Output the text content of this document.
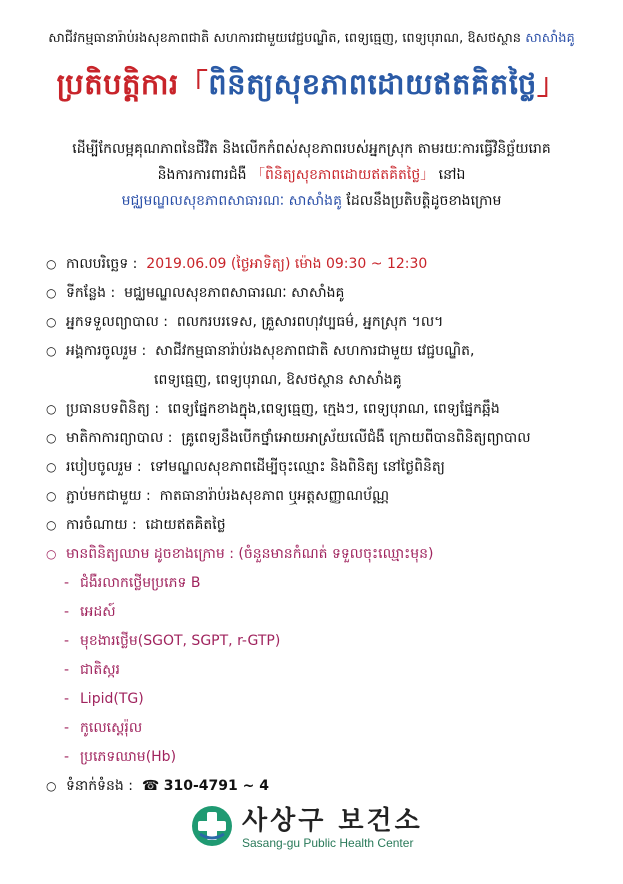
សាជីវកម្មធានារ៉ាប់រងសុខភាពជាតិ សហការជាមួយវេជ្ជបណ្ឌិត, ពេទ្យធ្មេញ, ពេទ្យបុរាណ, ឱសថស្ថាន សាសាំងគូ
ប្រតិបត្តិការ「ពិនិត្យសុខភាពដោយឥតគិតថ្លៃ」
ដើម្បីកែលម្អគុណភាពនៃជីវិត និងលើកកំពស់សុខភាពរបស់អ្នកស្រុក តាមរយៈការធ្វើវិនិច្ឆ័យរោគ
និងការការពារជំងឺ 「ពិនិត្យសុខភាពដោយឥតគិតថ្លៃ」 នៅឯ
មជ្ឈមណ្ឌលសុខភាពសាធារណៈ សាសាំងគូ ដែលនឹងប្រតិបត្តិដូចខាងក្រោម
○ កាលបរិច្ឆេទ : 2019.06.09 (ថ្ងៃអាទិត្យ) ម៉ោង 09:30 ~ 12:30
○ ទីកន្លែង : មជ្ឈមណ្ឌលសុខភាពសាធារណៈ សាសាំងគូ
○ អ្នកទទួលព្យាបាល : ពលករបរទេស, គ្រួសារពហុវប្បធម៌, អ្នកស្រុក ។ល។
○ អង្គការចូលរួម : សាជីវកម្មធានារ៉ាប់រងសុខភាពជាតិ សហការជាមួយ វេជ្ជបណ្ឌិត,
ពេទ្យធ្មេញ, ពេទ្យបុរាណ, ឱសថស្ថាន សាសាំងគូ
○ ប្រធានបទពិនិត្យ : ពេទ្យផ្នែកខាងក្នុង,ពេទ្យធ្មេញ, ក្មេងៗ, ពេទ្យបុរាណ, ពេទ្យផ្នែកឆ្អឹង
○ មាតិកាការព្យាបាល : គ្រូពេទ្យនឹងបើកថ្នាំអោយអាស្រ័យលើជំងឺ ក្រោយពីបានពិនិត្យព្យាបាល
○ របៀបចូលរួម : ទៅមណ្ឌលសុខភាពដើម្បីចុះឈ្មោះ និងពិនិត្យ នៅថ្ងៃពិនិត្យ
○ ភ្ជាប់មកជាមួយ : កាតធានារ៉ាប់រងសុខភាព ឬអត្តសញ្ញាណប័ណ្ណ
○ ការចំណាយ : ដោយឥតគិតថ្លៃ
○ មានពិនិត្យឈាម ដូចខាងក្រោម : (ចំនួនមានកំណត់ ទទួលចុះឈ្មោះមុន)
- ជំងឺរលាកថ្លើមប្រភេទ B
- អេដស៍
- មុខងារថ្លើម(SGOT, SGPT, r-GTP)
- ជាតិស្ករ
- Lipid(TG)
- កូលេស្តេរ៉ុល
- ប្រភេទឈាម(Hb)
○ ទំនាក់ទំនង : ☎ 310-4791 ~ 4
사상구 보건소
Sasang-gu Public Health Center
